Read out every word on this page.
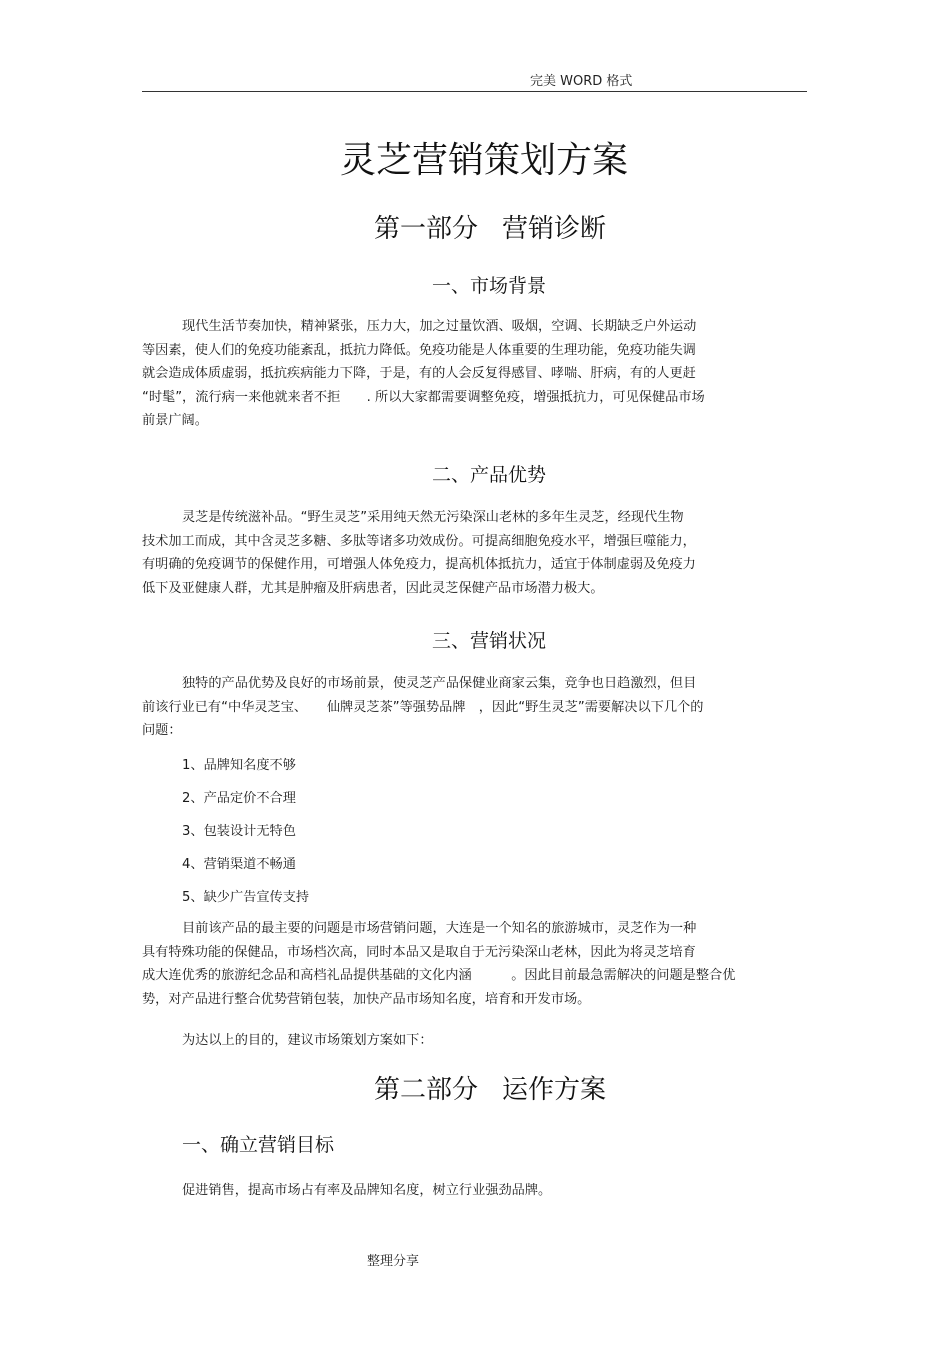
完美 WORD 格式
灵芝营销策划方案
第一部分 营销诊断
一、市场背景
现代生活节奏加快，精神紧张，压力大，加之过量饮酒、吸烟，空调、长期缺乏户外运动
等因素，使人们的免疫功能紊乱，抵抗力降低。免疫功能是人体重要的生理功能，免疫功能失调
就会造成体质虚弱，抵抗疾病能力下降，于是，有的人会反复得感冒、哮喘、肝病，有的人更赶
“时髦”，流行病一来他就来者不拒　　. 所以大家都需要调整免疫，增强抵抗力，可见保健品市场
前景广阔。
二、产品优势
灵芝是传统滋补品。“野生灵芝”采用纯天然无污染深山老林的多年生灵芝，经现代生物
技术加工而成，其中含灵芝多糖、多肽等诸多功效成份。可提高细胞免疫水平，增强巨噬能力，
有明确的免疫调节的保健作用，可增强人体免疫力，提高机体抵抗力，适宜于体制虚弱及免疫力
低下及亚健康人群，尤其是肿瘤及肝病患者，因此灵芝保健产品市场潜力极大。
三、营销状况
独特的产品优势及良好的市场前景，使灵芝产品保健业商家云集，竞争也日趋激烈，但目
前该行业已有“中华灵芝宝、　　仙牌灵芝茶”等强势品牌　，因此“野生灵芝”需要解决以下几个的
问题：
1、品牌知名度不够
2、产品定价不合理
3、包装设计无特色
4、营销渠道不畅通
5、缺少广告宣传支持
目前该产品的最主要的问题是市场营销问题，大连是一个知名的旅游城市，灵芝作为一种
具有特殊功能的保健品，市场档次高，同时本品又是取自于无污染深山老林，因此为将灵芝培育
成大连优秀的旅游纪念品和高档礼品提供基础的文化内涵　　　。因此目前最急需解决的问题是整合优
势，对产品进行整合优势营销包装，加快产品市场知名度，培育和开发市场。
为达以上的目的，建议市场策划方案如下：
第二部分 运作方案
一、确立营销目标
促进销售，提高市场占有率及品牌知名度，树立行业强劲品牌。
整理分享
